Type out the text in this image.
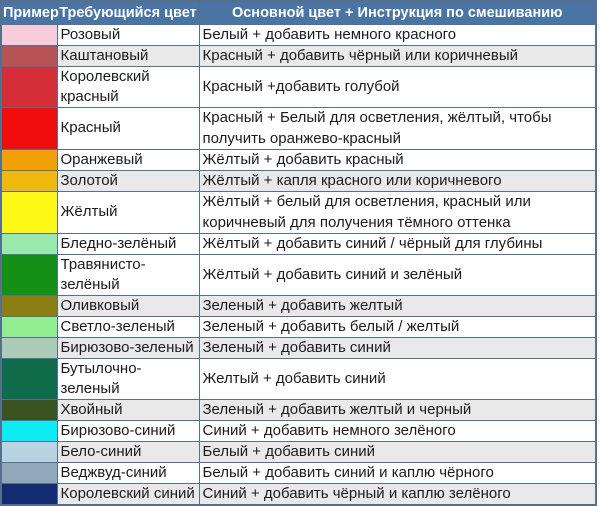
Пример	Требующийся цвет	Основной цвет + Инструкция по смешиванию
	Розовый	Белый + добавить немного красного
	Каштановый	Красный + добавить чёрный или коричневый
	Королевский красный	Красный +добавить голубой
	Красный	Красный + Белый для осветления, жёлтый, чтобы получить оранжево-красный
	Оранжевый	Жёлтый + добавить красный
	Золотой	Жёлтый + капля красного или коричневого
	Жёлтый	Жёлтый + белый для осветления, красный или коричневый для получения тёмного оттенка
	Бледно-зелёный	Жёлтый + добавить синий / чёрный для глубины
	Травянисто-зелёный	Жёлтый + добавить синий и зелёный
	Оливковый	Зеленый + добавить желтый
	Светло-зеленый	Зеленый + добавить белый / желтый
	Бирюзово-зеленый	Зеленый + добавить синий
	Бутылочно-зеленый	Желтый + добавить синий
	Хвойный	Зеленый + добавить желтый и черный
	Бирюзово-синий	Синий + добавить немного зелёного
	Бело-синий	Белый + добавить синий
	Веджвуд-синий	Белый + добавить синий и каплю чёрного
	Королевский синий	Синий + добавить чёрный и каплю зелёного
